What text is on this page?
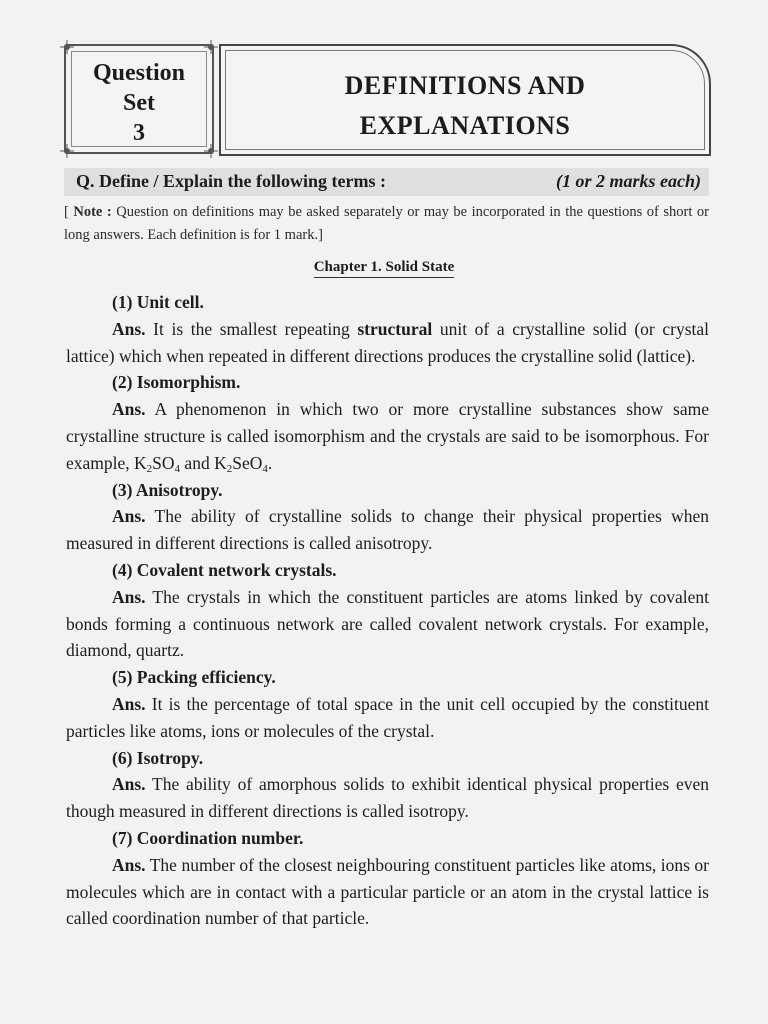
Question
Set
3
DEFINITIONS AND
EXPLANATIONS
Q. Define / Explain the following terms :	(1 or 2 marks each)
[ Note : Question on definitions may be asked separately or may be incorporated in the questions of short or long answers. Each definition is for 1 mark.]
Chapter 1. Solid State

(1) Unit cell.

Ans. It is the smallest repeating structural unit of a crystalline solid (or crystal lattice) which when repeated in different directions produces the crystalline solid (lattice).

(2) Isomorphism.

Ans. A phenomenon in which two or more crystalline substances show same crystalline structure is called isomorphism and the crystals are said to be isomorphous. For example, $K_2SO_4$ and $K_2SeO_4$.

(3) Anisotropy.

Ans. The ability of crystalline solids to change their physical properties when measured in different directions is called anisotropy.

(4) Covalent network crystals.

Ans. The crystals in which the constituent particles are atoms linked by covalent bonds forming a continuous network are called covalent network crystals. For example, diamond, quartz.

(5) Packing efficiency.

Ans. It is the percentage of total space in the unit cell occupied by the constituent particles like atoms, ions or molecules of the crystal.

(6) Isotropy.

Ans. The ability of amorphous solids to exhibit identical physical properties even though measured in different directions is called isotropy.

(7) Coordination number.

Ans. The number of the closest neighbouring constituent particles like atoms, ions or molecules which are in contact with a particular particle or an atom in the crystal lattice is called coordination number of that particle.
